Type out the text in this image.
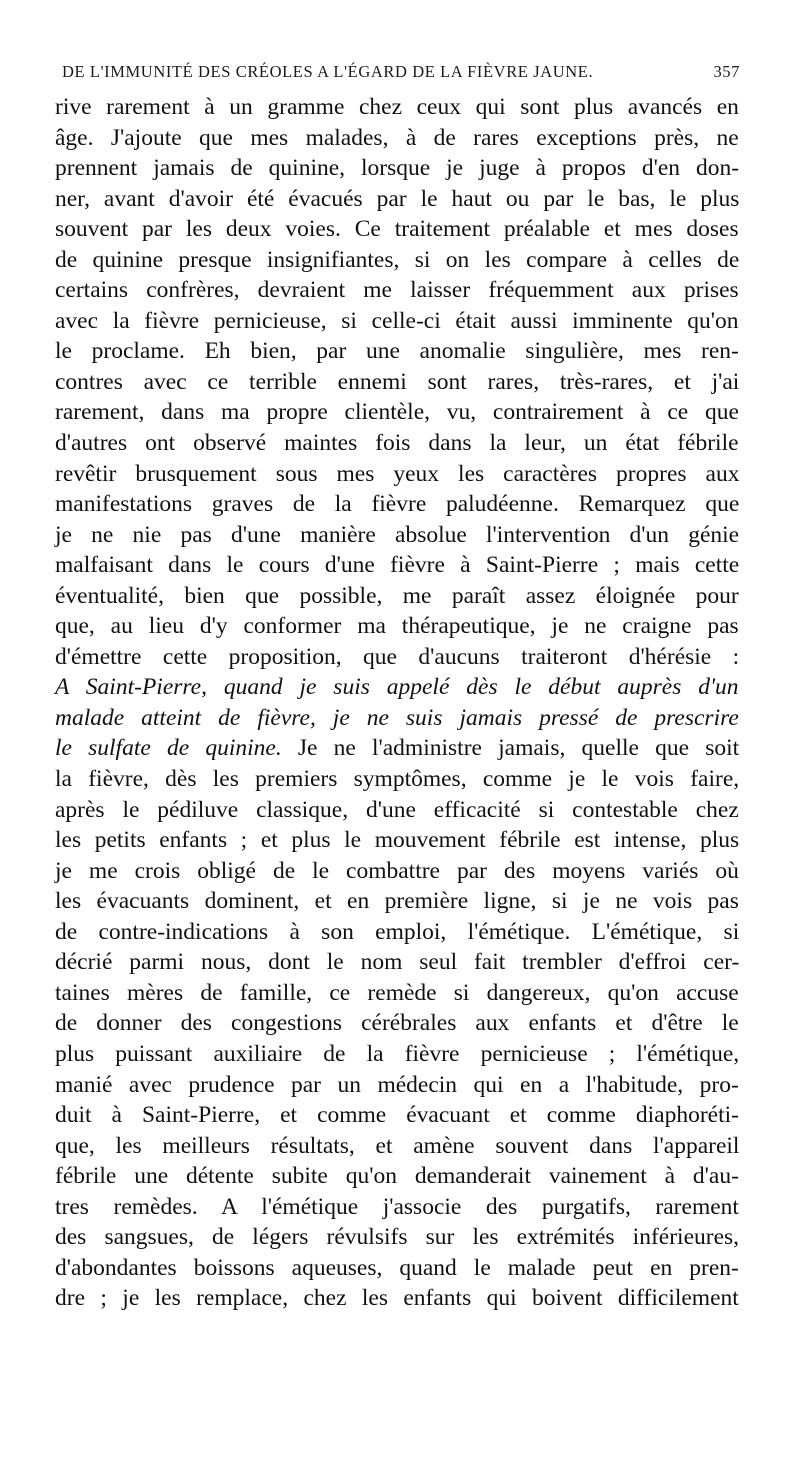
DE L'IMMUNITÉ DES CRÉOLES A L'ÉGARD DE LA FIÈVRE JAUNE.	357
rive rarement à un gramme chez ceux qui sont plus avancés en
âge. J'ajoute que mes malades, à de rares exceptions près, ne
prennent jamais de quinine, lorsque je juge à propos d'en don-
ner, avant d'avoir été évacués par le haut ou par le bas, le plus
souvent par les deux voies. Ce traitement préalable et mes doses
de quinine presque insignifiantes, si on les compare à celles de
certains confrères, devraient me laisser fréquemment aux prises
avec la fièvre pernicieuse, si celle-ci était aussi imminente qu'on
le proclame. Eh bien, par une anomalie singulière, mes ren-
contres avec ce terrible ennemi sont rares, très-rares, et j'ai
rarement, dans ma propre clientèle, vu, contrairement à ce que
d'autres ont observé maintes fois dans la leur, un état fébrile
revêtir brusquement sous mes yeux les caractères propres aux
manifestations graves de la fièvre paludéenne. Remarquez que
je ne nie pas d'une manière absolue l'intervention d'un génie
malfaisant dans le cours d'une fièvre à Saint-Pierre ; mais cette
éventualité, bien que possible, me paraît assez éloignée pour
que, au lieu d'y conformer ma thérapeutique, je ne craigne pas
d'émettre cette proposition, que d'aucuns traiteront d'hérésie :
A Saint-Pierre, quand je suis appelé dès le début auprès d'un
malade atteint de fièvre, je ne suis jamais pressé de prescrire
le sulfate de quinine. Je ne l'administre jamais, quelle que soit
la fièvre, dès les premiers symptômes, comme je le vois faire,
après le pédiluve classique, d'une efficacité si contestable chez
les petits enfants ; et plus le mouvement fébrile est intense, plus
je me crois obligé de le combattre par des moyens variés où
les évacuants dominent, et en première ligne, si je ne vois pas
de contre-indications à son emploi, l'émétique. L'émétique, si
décrié parmi nous, dont le nom seul fait trembler d'effroi cer-
taines mères de famille, ce remède si dangereux, qu'on accuse
de donner des congestions cérébrales aux enfants et d'être le
plus puissant auxiliaire de la fièvre pernicieuse ; l'émétique,
manié avec prudence par un médecin qui en a l'habitude, pro-
duit à Saint-Pierre, et comme évacuant et comme diaphoréti-
que, les meilleurs résultats, et amène souvent dans l'appareil
fébrile une détente subite qu'on demanderait vainement à d'au-
tres remèdes. A l'émétique j'associe des purgatifs, rarement
des sangsues, de légers révulsifs sur les extrémités inférieures,
d'abondantes boissons aqueuses, quand le malade peut en pren-
dre ; je les remplace, chez les enfants qui boivent difficilement
